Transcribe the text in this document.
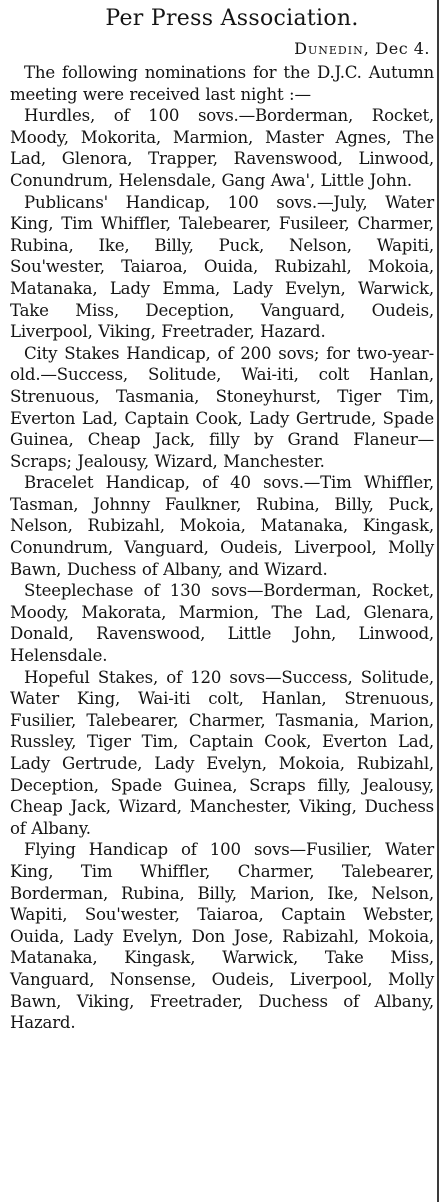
Per Press Association.
Dunedin, Dec 4.

The following nominations for the D.J.C. Autumn meeting were received last night :—

Hurdles, of 100 sovs.—Borderman, Rocket, Moody, Mokorita, Marmion, Master Agnes, The Lad, Glenora, Trapper, Ravenswood, Linwood, Conundrum, Helensdale, Gang Awa', Little John.

Publicans' Handicap, 100 sovs.—July, Water King, Tim Whiffler, Talebearer, Fusileer, Charmer, Rubina, Ike, Billy, Puck, Nelson, Wapiti, Sou'wester, Taiaroa, Ouida, Rubizahl, Mokoia, Matanaka, Lady Emma, Lady Evelyn, Warwick, Take Miss, Deception, Vanguard, Oudeis, Liverpool, Viking, Freetrader, Hazard.

City Stakes Handicap, of 200 sovs; for two-year-old.—Success, Solitude, Wai-iti, colt Hanlan, Strenuous, Tasmania, Stoneyhurst, Tiger Tim, Everton Lad, Captain Cook, Lady Gertrude, Spade Guinea, Cheap Jack, filly by Grand Flaneur—Scraps; Jealousy, Wizard, Manchester.

Bracelet Handicap, of 40 sovs.—Tim Whiffler, Tasman, Johnny Faulkner, Rubina, Billy, Puck, Nelson, Rubizahl, Mokoia, Matanaka, Kingask, Conundrum, Vanguard, Oudeis, Liverpool, Molly Bawn, Duchess of Albany, and Wizard.

Steeplechase of 130 sovs—Borderman, Rocket, Moody, Makorata, Marmion, The Lad, Glenara, Donald, Ravenswood, Little John, Linwood, Helensdale.

Hopeful Stakes, of 120 sovs—Success, Solitude, Water King, Wai-iti colt, Hanlan, Strenuous, Fusilier, Talebearer, Charmer, Tasmania, Marion, Russley, Tiger Tim, Captain Cook, Everton Lad, Lady Gertrude, Lady Evelyn, Mokoia, Rubizahl, Deception, Spade Guinea, Scraps filly, Jealousy, Cheap Jack, Wizard, Manchester, Viking, Duchess of Albany.

Flying Handicap of 100 sovs—Fusilier, Water King, Tim Whiffler, Charmer, Talebearer, Borderman, Rubina, Billy, Marion, Ike, Nelson, Wapiti, Sou'wester, Taiaroa, Captain Webster, Ouida, Lady Evelyn, Don Jose, Rabizahl, Mokoia, Matanaka, Kingask, Warwick, Take Miss, Vanguard, Nonsense, Oudeis, Liverpool, Molly Bawn, Viking, Freetrader, Duchess of Albany, Hazard.
